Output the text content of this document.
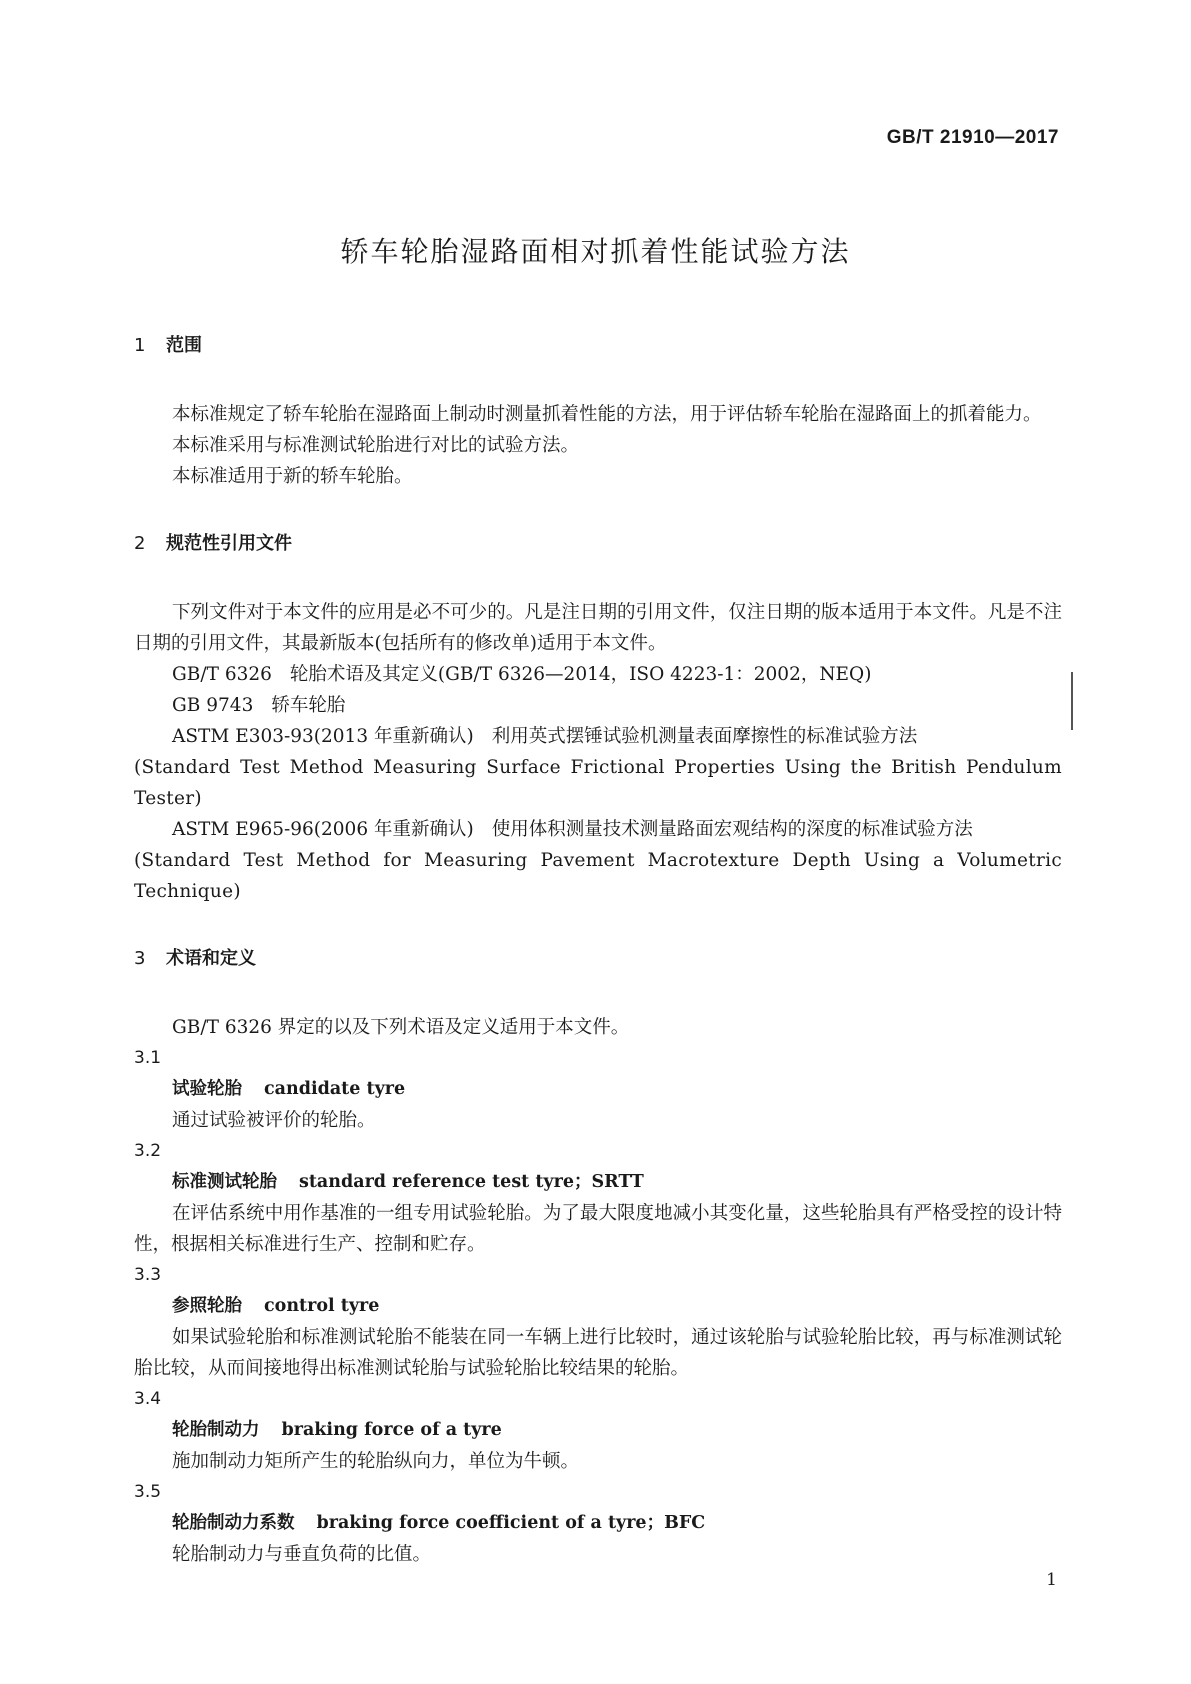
GB/T 21910—2017
轿车轮胎湿路面相对抓着性能试验方法
1	范围

本标准规定了轿车轮胎在湿路面上制动时测量抓着性能的方法，用于评估轿车轮胎在湿路面上的抓着能力。

本标准采用与标准测试轮胎进行对比的试验方法。

本标准适用于新的轿车轮胎。

2	规范性引用文件

下列文件对于本文件的应用是必不可少的。凡是注日期的引用文件，仅注日期的版本适用于本文件。凡是不注日期的引用文件，其最新版本(包括所有的修改单)适用于本文件。

GB/T 6326 轮胎术语及其定义(GB/T 6326—2014，ISO 4223-1：2002，NEQ)

GB 9743 轿车轮胎

ASTM E303-93(2013 年重新确认) 利用英式摆锤试验机测量表面摩擦性的标准试验方法

(Standard Test Method Measuring Surface Frictional Properties Using the British Pendulum Tester)

ASTM E965-96(2006 年重新确认) 使用体积测量技术测量路面宏观结构的深度的标准试验方法

(Standard Test Method for Measuring Pavement Macrotexture Depth Using a Volumetric Technique)

3	术语和定义

GB/T 6326 界定的以及下列术语及定义适用于本文件。

3.1

试验轮胎 candidate tyre

通过试验被评价的轮胎。

3.2

标准测试轮胎 standard reference test tyre；SRTT

在评估系统中用作基准的一组专用试验轮胎。为了最大限度地减小其变化量，这些轮胎具有严格受控的设计特性，根据相关标准进行生产、控制和贮存。

3.3

参照轮胎 control tyre

如果试验轮胎和标准测试轮胎不能装在同一车辆上进行比较时，通过该轮胎与试验轮胎比较，再与标准测试轮胎比较，从而间接地得出标准测试轮胎与试验轮胎比较结果的轮胎。

3.4

轮胎制动力 braking force of a tyre

施加制动力矩所产生的轮胎纵向力，单位为牛顿。

3.5

轮胎制动力系数 braking force coefficient of a tyre；BFC

轮胎制动力与垂直负荷的比值。

1
